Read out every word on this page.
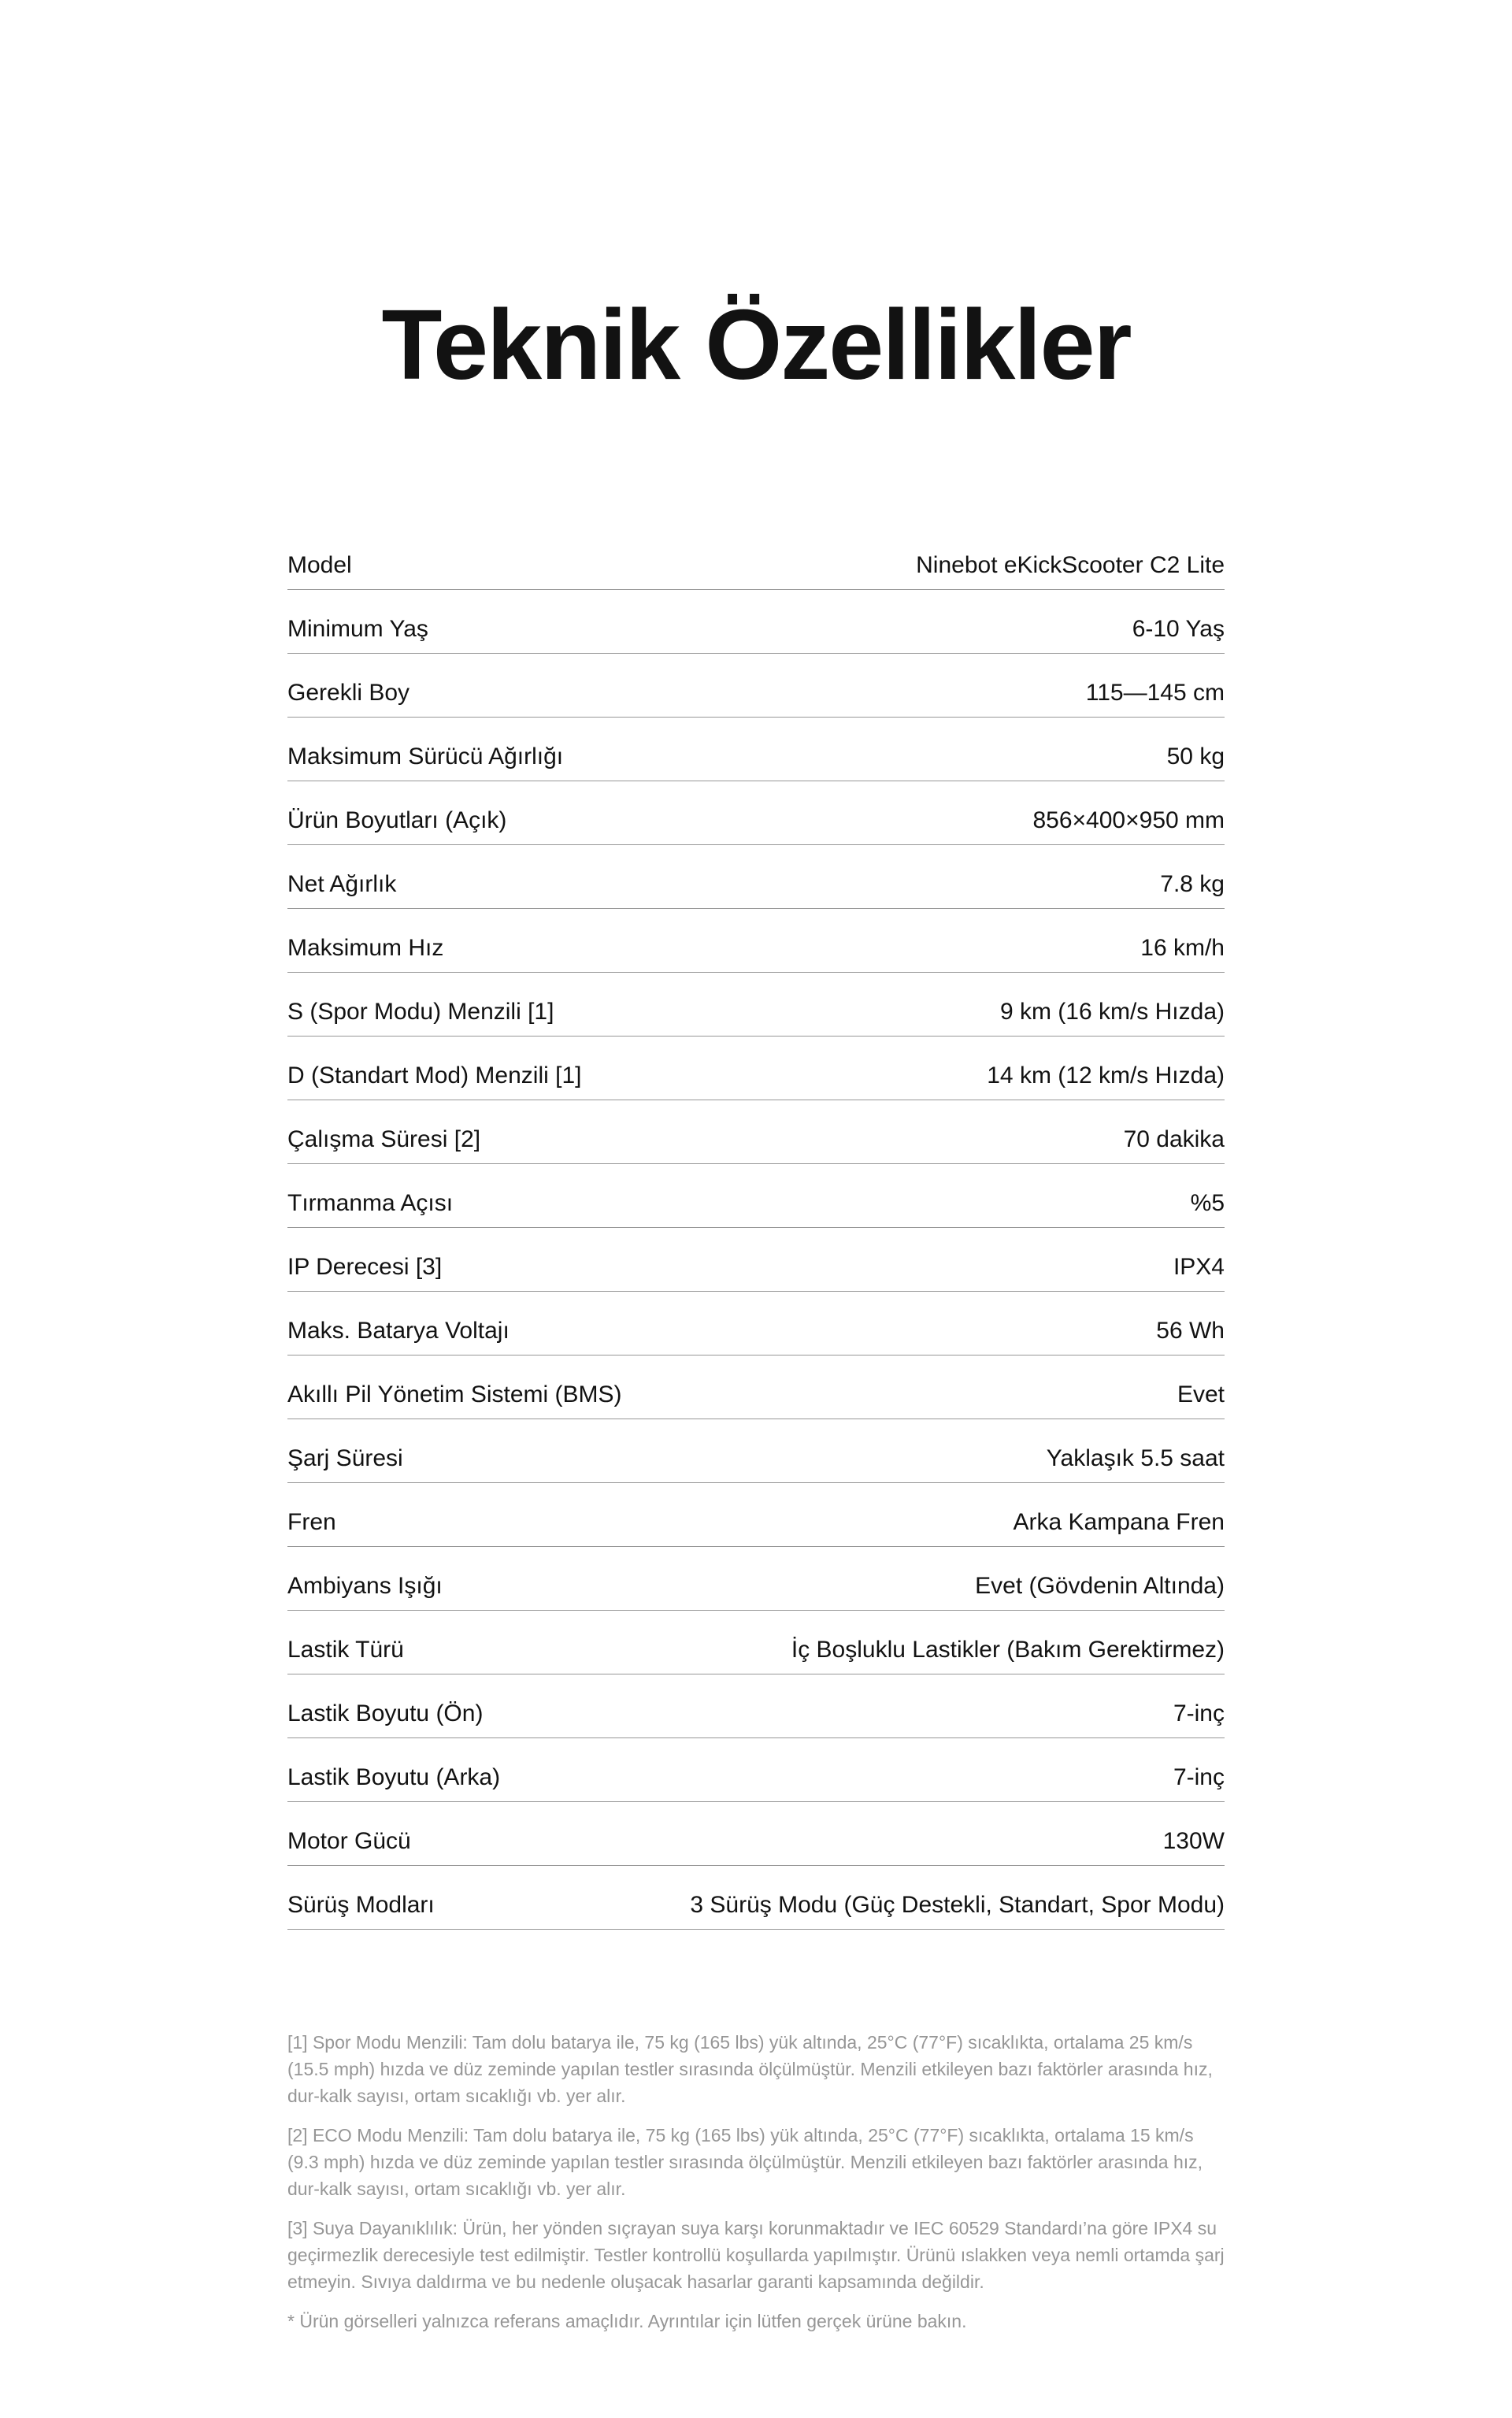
Teknik Özellikler
Model	Ninebot eKickScooter C2 Lite
Minimum Yaş	6-10 Yaş
Gerekli Boy	115—145 cm
Maksimum Sürücü Ağırlığı	50 kg
Ürün Boyutları (Açık)	856×400×950 mm
Net Ağırlık	7.8 kg
Maksimum Hız	16 km/h
S (Spor Modu) Menzili [1]	9 km (16 km/s Hızda)
D (Standart Mod) Menzili [1]	14 km (12 km/s Hızda)
Çalışma Süresi [2]	70 dakika
Tırmanma Açısı	%5
IP Derecesi [3]	IPX4
Maks. Batarya Voltajı	56 Wh
Akıllı Pil Yönetim Sistemi (BMS)	Evet
Şarj Süresi	Yaklaşık 5.5 saat
Fren	Arka Kampana Fren
Ambiyans Işığı	Evet (Gövdenin Altında)
Lastik Türü	İç Boşluklu Lastikler (Bakım Gerektirmez)
Lastik Boyutu (Ön)	7-inç
Lastik Boyutu (Arka)	7-inç
Motor Gücü	130W
Sürüş Modları	3 Sürüş Modu (Güç Destekli, Standart, Spor Modu)

[1] Spor Modu Menzili: Tam dolu batarya ile, 75 kg (165 lbs) yük altında, 25°C (77°F) sıcaklıkta, ortalama 25 km/s (15.5 mph) hızda ve düz zeminde yapılan testler sırasında ölçülmüştür. Menzili etkileyen bazı faktörler arasında hız, dur-kalk sayısı, ortam sıcaklığı vb. yer alır.

[2] ECO Modu Menzili: Tam dolu batarya ile, 75 kg (165 lbs) yük altında, 25°C (77°F) sıcaklıkta, ortalama 15 km/s (9.3 mph) hızda ve düz zeminde yapılan testler sırasında ölçülmüştür. Menzili etkileyen bazı faktörler arasında hız, dur-kalk sayısı, ortam sıcaklığı vb. yer alır.

[3] Suya Dayanıklılık: Ürün, her yönden sıçrayan suya karşı korunmaktadır ve IEC 60529 Standardı’na göre IPX4 su geçirmezlik derecesiyle test edilmiştir. Testler kontrollü koşullarda yapılmıştır. Ürünü ıslakken veya nemli ortamda şarj etmeyin. Sıvıya daldırma ve bu nedenle oluşacak hasarlar garanti kapsamında değildir.

* Ürün görselleri yalnızca referans amaçlıdır. Ayrıntılar için lütfen gerçek ürüne bakın.
